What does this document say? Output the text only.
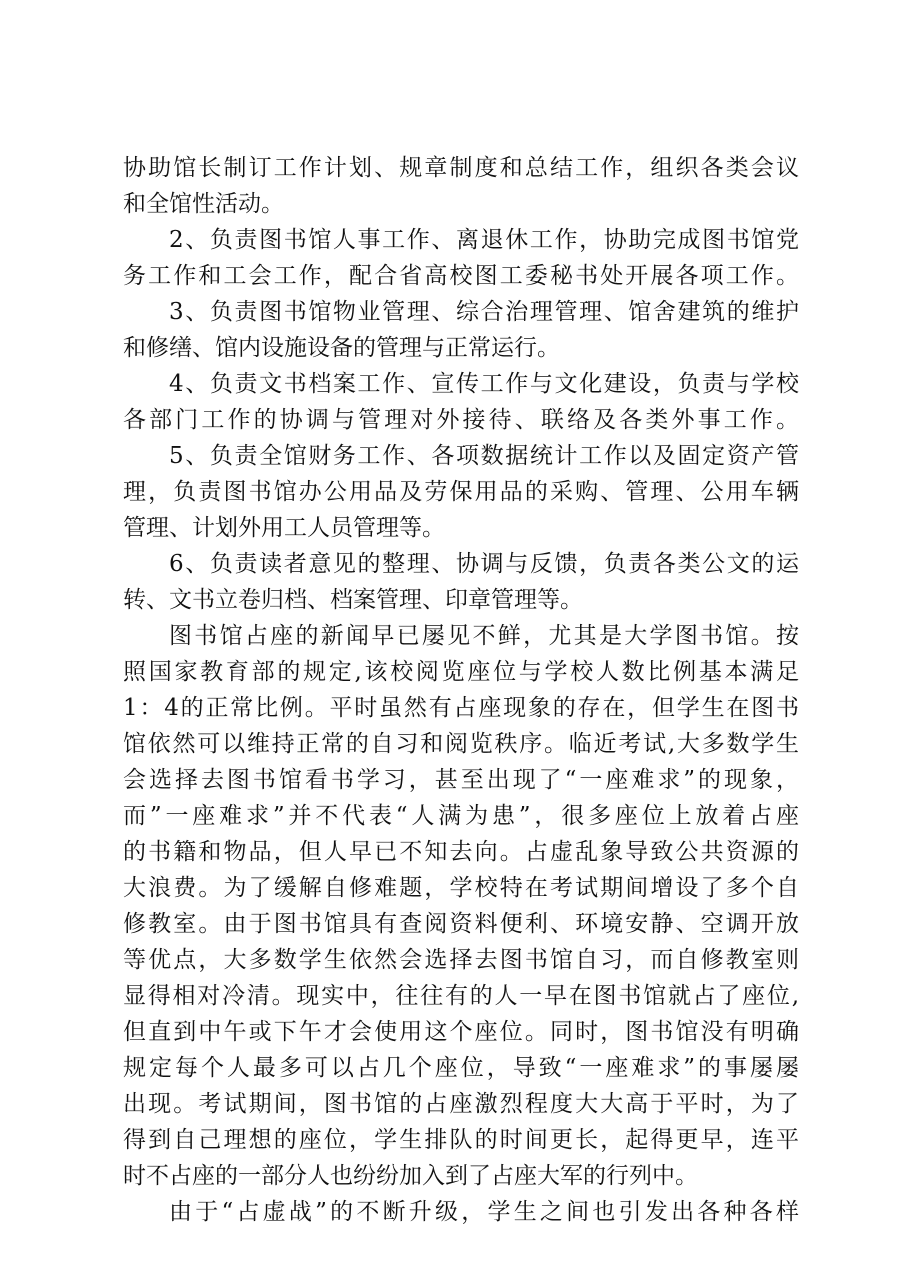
协助馆长制订工作计划、规章制度和总结工作，组织各类会议
和全馆性活动。
2、负责图书馆人事工作、离退休工作，协助完成图书馆党
务工作和工会工作，配合省高校图工委秘书处开展各项工作。
3、负责图书馆物业管理、综合治理管理、馆舍建筑的维护
和修缮、馆内设施设备的管理与正常运行。
4、负责文书档案工作、宣传工作与文化建设，负责与学校
各部门工作的协调与管理对外接待、联络及各类外事工作。
5、负责全馆财务工作、各项数据统计工作以及固定资产管
理，负责图书馆办公用品及劳保用品的采购、管理、公用车辆
管理、计划外用工人员管理等。
6、负责读者意见的整理、协调与反馈，负责各类公文的运
转、文书立卷归档、档案管理、印章管理等。
图书馆占座的新闻早已屡见不鲜，尤其是大学图书馆。按
照国家教育部的规定,该校阅览座位与学校人数比例基本满足
1：4的正常比例。平时虽然有占座现象的存在，但学生在图书
馆依然可以维持正常的自习和阅览秩序。临近考试,大多数学生
会选择去图书馆看书学习，甚至出现了“一座难求”的现象，
而”一座难求”并不代表“人满为患”，很多座位上放着占座
的书籍和物品，但人早已不知去向。占虚乱象导致公共资源的
大浪费。为了缓解自修难题，学校特在考试期间增设了多个自
修教室。由于图书馆具有查阅资料便利、环境安静、空调开放
等优点，大多数学生依然会选择去图书馆自习，而自修教室则
显得相对冷清。现实中，往往有的人一早在图书馆就占了座位,
但直到中午或下午才会使用这个座位。同时，图书馆没有明确
规定每个人最多可以占几个座位，导致“一座难求”的事屡屡
出现。考试期间，图书馆的占座激烈程度大大高于平时，为了
得到自己理想的座位，学生排队的时间更长，起得更早，连平
时不占座的一部分人也纷纷加入到了占座大军的行列中。
由于“占虚战”的不断升级，学生之间也引发出各种各样
